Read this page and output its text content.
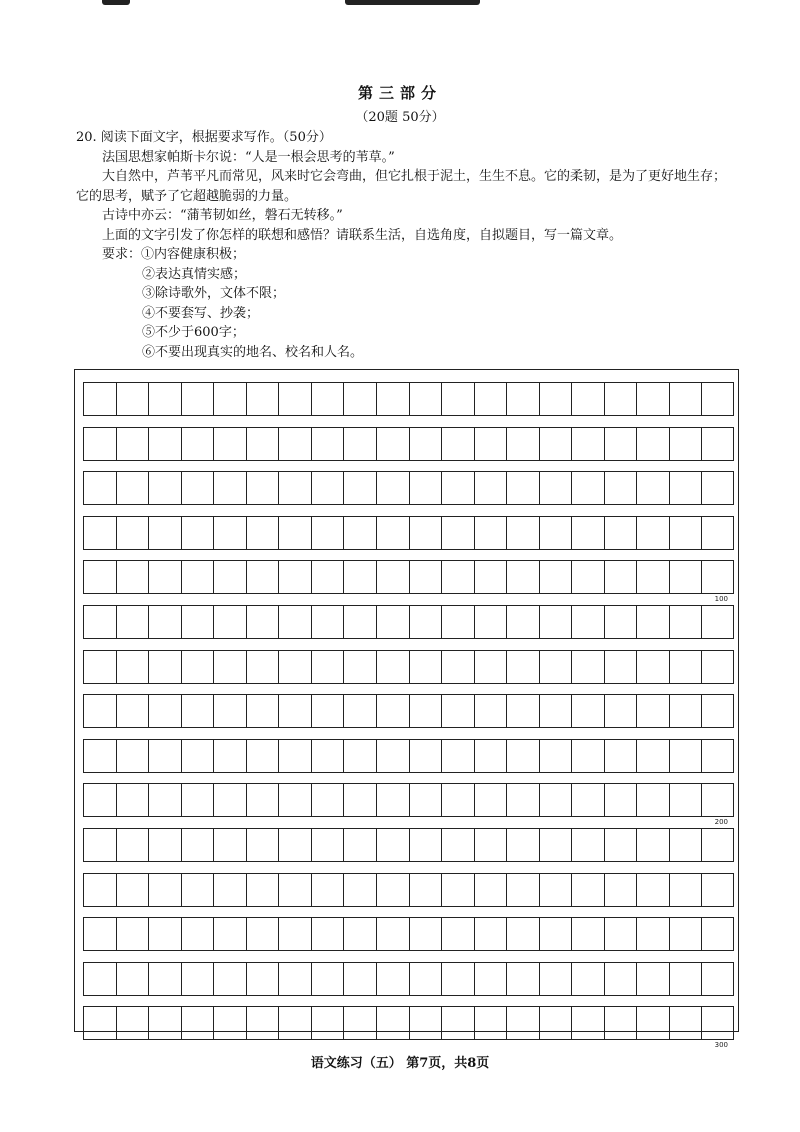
第三部分
（20题 50分）

20. 阅读下面文字，根据要求写作。（50分）

法国思想家帕斯卡尔说：“人是一根会思考的苇草。”

大自然中，芦苇平凡而常见，风来时它会弯曲，但它扎根于泥土，生生不息。它的柔韧，是为了更好地生存；它的思考，赋予了它超越脆弱的力量。

古诗中亦云：“蒲苇韧如丝，磐石无转移。”

上面的文字引发了你怎样的联想和感悟？请联系生活，自选角度，自拟题目，写一篇文章。

要求：①内容健康积极；

②表达真情实感；
③除诗歌外，文体不限；
④不要套写、抄袭；
⑤不少于600字；
⑥不要出现真实的地名、校名和人名。
100
200
300
语文练习（五） 第7页，共8页
